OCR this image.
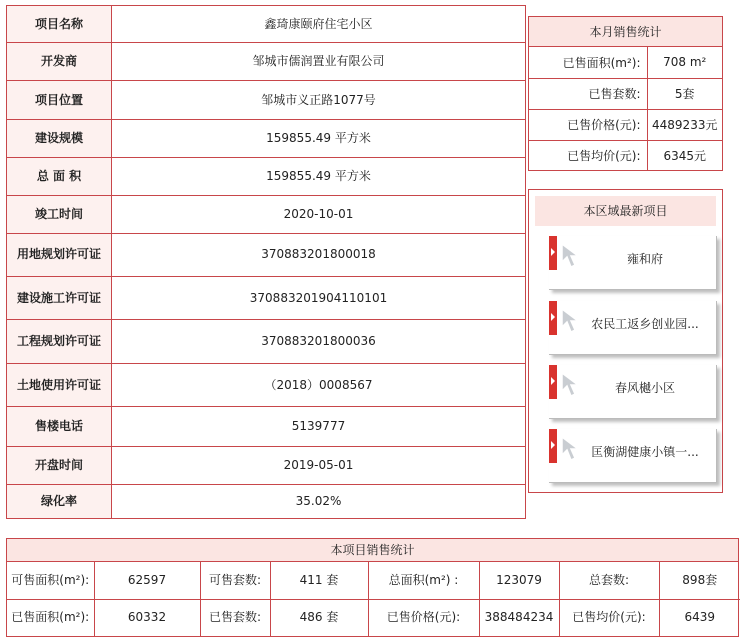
项目名称	鑫琦康颐府住宅小区
开发商	邹城市儒润置业有限公司
项目位置	邹城市义正路1077号
建设规模	159855.49 平方米
总 面 积	159855.49 平方米
竣工时间	2020-10-01
用地规划许可证	370883201800018
建设施工许可证	370883201904110101
工程规划许可证	370883201800036
土地使用许可证	（2018）0008567
售楼电话	5139777
开盘时间	2019-05-01
绿化率	35.02%
本月销售统计
已售面积(m²):	708 m²
已售套数:	5套
已售价格(元):	4489233元
已售均价(元):	6345元
本区域最新项目
雍和府
农民工返乡创业园...
春风樾小区
匡衡湖健康小镇一...
本项目销售统计
可售面积(m²):	62597	可售套数:	411 套	总面积(m²) :	123079	总套数:	898套
已售面积(m²):	60332	已售套数:	486 套	已售价格(元):	388484234	已售均价(元):	6439
